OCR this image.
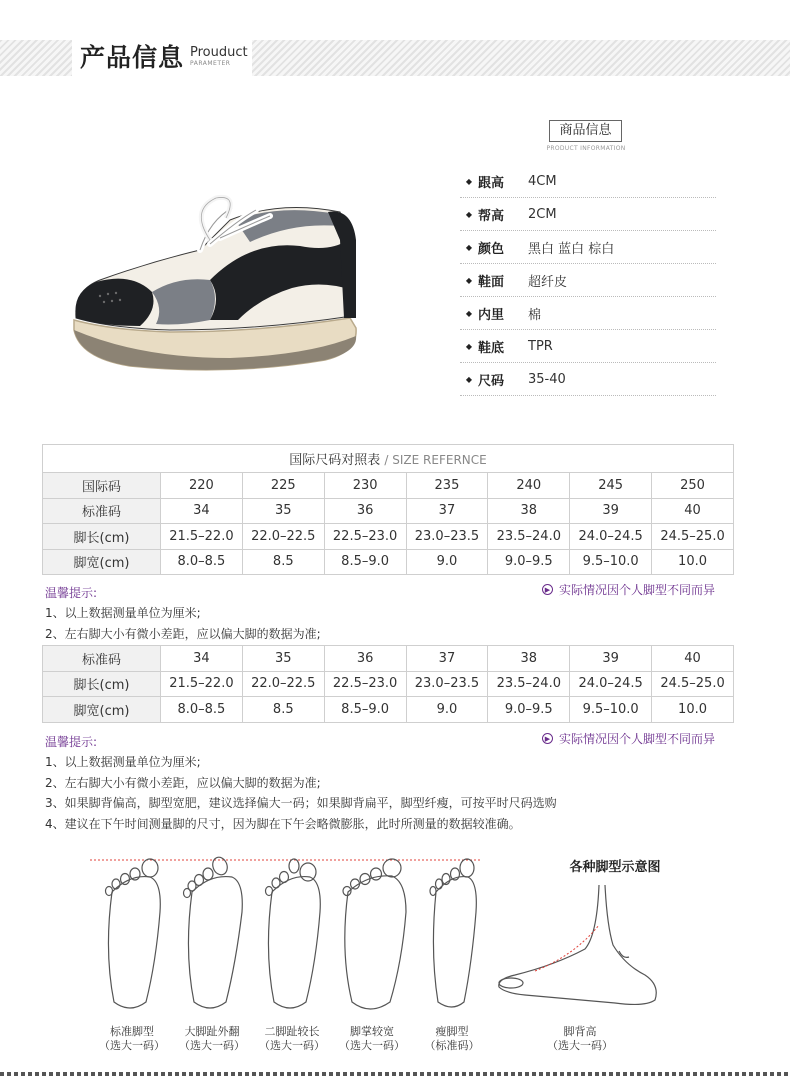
产品信息 Prouduct
PARAMETER
商品信息
PRODUCT INFORMATION
◆ 跟高	4CM
◆ 帮高	2CM
◆ 颜色	黑白 蓝白 棕白
◆ 鞋面	超纤皮
◆ 内里	棉
◆ 鞋底	TPR
◆ 尺码	35-40
国际尺码对照表 / SIZE REFERNCE							
国际码	220	225	230	235	240	245	250
标准码	34	35	36	37	38	39	40
脚长(cm)	21.5–22.0	22.0–22.5	22.5–23.0	23.0–23.5	23.5–24.0	24.0–24.5	24.5–25.0
脚宽(cm)	8.0–8.5	8.5	8.5–9.0	9.0	9.0–9.5	9.5–10.0	10.0
温馨提示:	▶ 实际情况因个人脚型不同而异
1、以上数据测量单位为厘米;
2、左右脚大小有微小差距，应以偏大脚的数据为准;
标准码	34	35	36	37	38	39	40
脚长(cm)	21.5–22.0	22.0–22.5	22.5–23.0	23.0–23.5	23.5–24.0	24.0–24.5	24.5–25.0
脚宽(cm)	8.0–8.5	8.5	8.5–9.0	9.0	9.0–9.5	9.5–10.0	10.0
温馨提示:	▶ 实际情况因个人脚型不同而异
1、以上数据测量单位为厘米;
2、左右脚大小有微小差距，应以偏大脚的数据为准;
3、如果脚背偏高，脚型宽肥，建议选择偏大一码；如果脚背扁平，脚型纤瘦，可按平时尺码选购
4、建议在下午时间测量脚的尺寸，因为脚在下午会略微膨胀，此时所测量的数据较准确。
标准脚型
（选大一码）
大脚趾外翻
（选大一码）
二脚趾较长
（选大一码）
脚掌较宽
（选大一码）
瘦脚型
（标准码）
各种脚型示意图
脚背高
（选大一码）
